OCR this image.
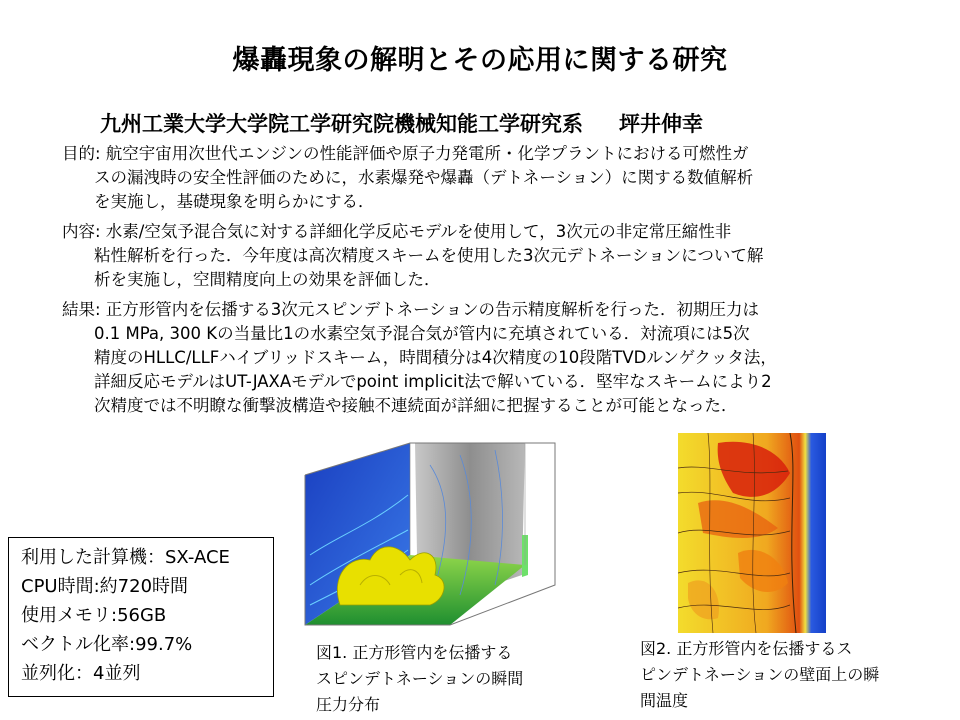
爆轟現象の解明とその応用に関する研究
九州工業大学大学院工学研究院機械知能工学研究系 坪井伸幸
目的: 航空宇宙用次世代エンジンの性能評価や原子力発電所・化学プラントにおける可燃性ガ
スの漏洩時の安全性評価のために，水素爆発や爆轟（デトネーション）に関する数値解析
を実施し，基礎現象を明らかにする．
内容: 水素/空気予混合気に対する詳細化学反応モデルを使用して，3次元の非定常圧縮性非
粘性解析を行った．今年度は高次精度スキームを使用した3次元デトネーションについて解
析を実施し，空間精度向上の効果を評価した．
結果: 正方形管内を伝播する3次元スピンデトネーションの告示精度解析を行った．初期圧力は
0.1 MPa, 300 Kの当量比1の水素空気予混合気が管内に充填されている．対流項には5次
精度のHLLC/LLFハイブリッドスキーム，時間積分は4次精度の10段階TVDルンゲクッタ法，
詳細反応モデルはUT-JAXAモデルでpoint implicit法で解いている．堅牢なスキームにより2
次精度では不明瞭な衝撃波構造や接触不連続面が詳細に把握することが可能となった．
図1. 正方形管内を伝播する
スピンデトネーションの瞬間
圧力分布
図2. 正方形管内を伝播するス
ピンデトネーションの壁面上の瞬
間温度
利用した計算機：SX-ACE
CPU時間:約720時間
使用メモリ:56GB
ベクトル化率:99.7%
並列化：4並列
